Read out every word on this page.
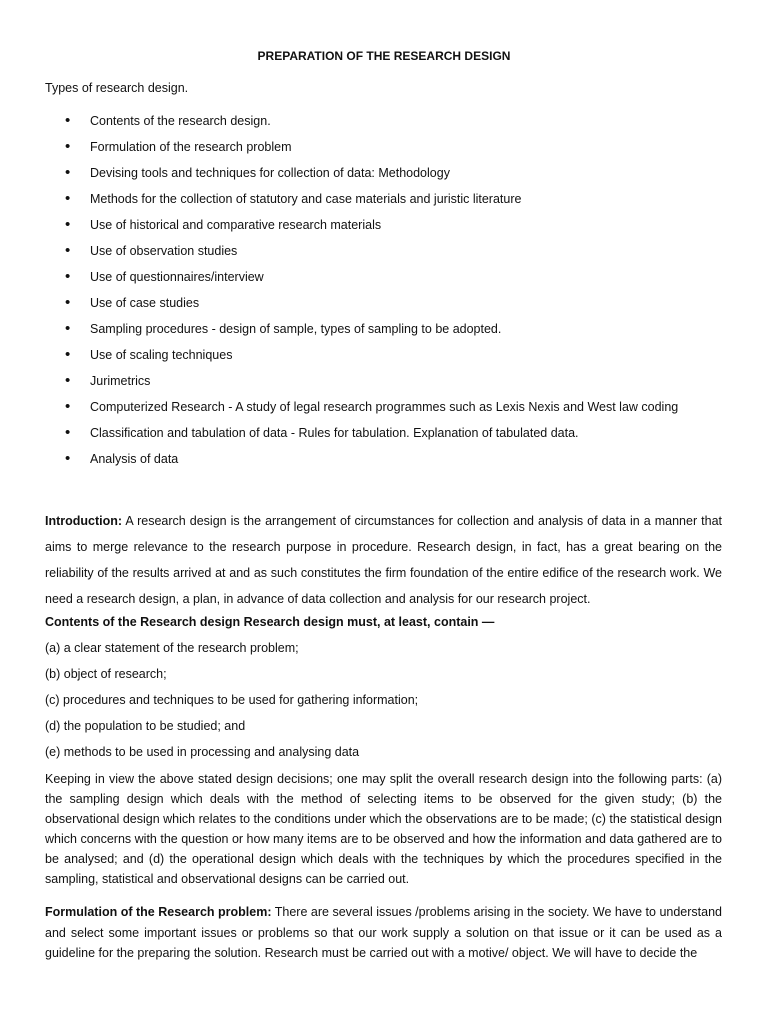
PREPARATION OF THE RESEARCH DESIGN

Types of research design.

• Contents of the research design.
• Formulation of the research problem
• Devising tools and techniques for collection of data: Methodology
• Methods for the collection of statutory and case materials and juristic literature
• Use of historical and comparative research materials
• Use of observation studies
• Use of questionnaires/interview
• Use of case studies
• Sampling procedures - design of sample, types of sampling to be adopted.
• Use of scaling techniques
• Jurimetrics
• Computerized Research - A study of legal research programmes such as Lexis Nexis and West law coding
• Classification and tabulation of data - Rules for tabulation. Explanation of tabulated data.
• Analysis of data

Introduction: A research design is the arrangement of circumstances for collection and analysis of data in a manner that aims to merge relevance to the research purpose in procedure. Research design, in fact, has a great bearing on the reliability of the results arrived at and as such constitutes the firm foundation of the entire edifice of the research work. We need a research design, a plan, in advance of data collection and analysis for our research project.

Contents of the Research design Research design must, at least, contain —

(a) a clear statement of the research problem;
(b) object of research;
(c) procedures and techniques to be used for gathering information;
(d) the population to be studied; and
(e) methods to be used in processing and analysing data

Keeping in view the above stated design decisions; one may split the overall research design into the following parts: (a) the sampling design which deals with the method of selecting items to be observed for the given study; (b) the observational design which relates to the conditions under which the observations are to be made; (c) the statistical design which concerns with the question or how many items are to be observed and how the information and data gathered are to be analysed; and (d) the operational design which deals with the techniques by which the procedures specified in the sampling, statistical and observational designs can be carried out.

Formulation of the Research problem: There are several issues /problems arising in the society. We have to understand and select some important issues or problems so that our work supply a solution on that issue or it can be used as a guideline for the preparing the solution. Research must be carried out with a motive/ object. We will have to decide the
